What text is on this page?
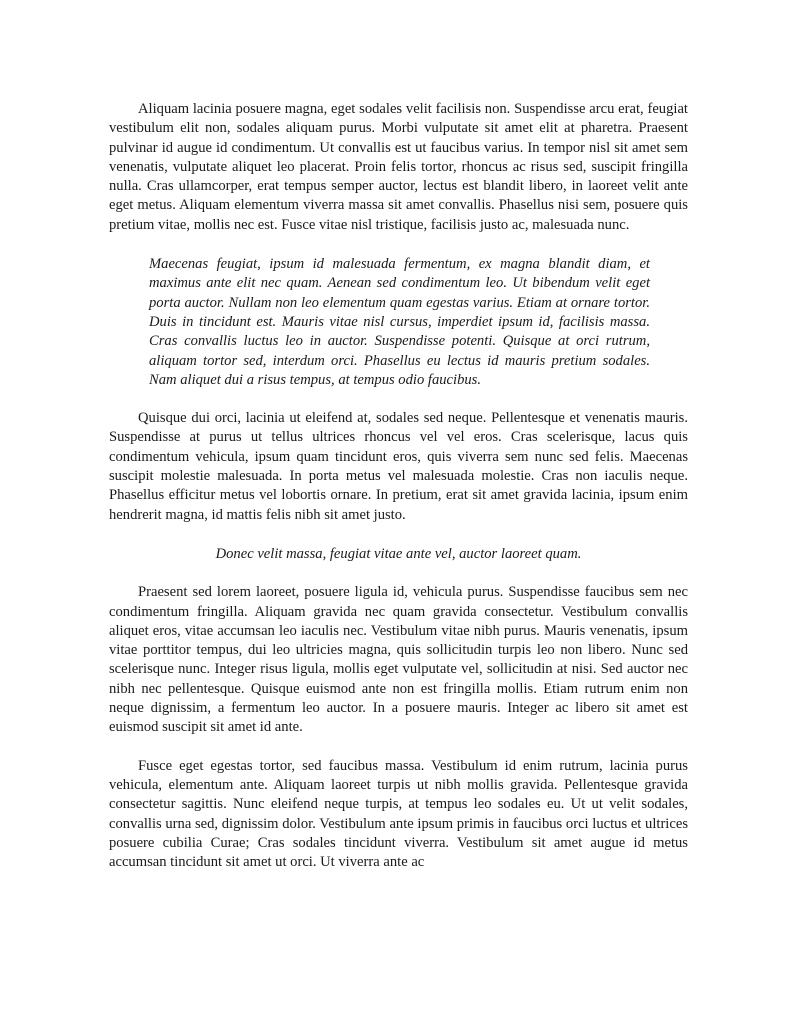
Aliquam lacinia posuere magna, eget sodales velit facilisis non. Suspendisse arcu erat, feugiat vestibulum elit non, sodales aliquam purus. Morbi vulputate sit amet elit at pharetra. Praesent pulvinar id augue id condimentum. Ut convallis est ut faucibus varius. In tempor nisl sit amet sem venenatis, vulputate aliquet leo placerat. Proin felis tortor, rhoncus ac risus sed, suscipit fringilla nulla. Cras ullamcorper, erat tempus semper auctor, lectus est blandit libero, in laoreet velit ante eget metus. Aliquam elementum viverra massa sit amet convallis. Phasellus nisi sem, posuere quis pretium vitae, mollis nec est. Fusce vitae nisl tristique, facilisis justo ac, malesuada nunc.

Maecenas feugiat, ipsum id malesuada fermentum, ex magna blandit diam, et maximus ante elit nec quam. Aenean sed condimentum leo. Ut bibendum velit eget porta auctor. Nullam non leo elementum quam egestas varius. Etiam at ornare tortor. Duis in tincidunt est. Mauris vitae nisl cursus, imperdiet ipsum id, facilisis massa. Cras convallis luctus leo in auctor. Suspendisse potenti. Quisque at orci rutrum, aliquam tortor sed, interdum orci. Phasellus eu lectus id mauris pretium sodales. Nam aliquet dui a risus tempus, at tempus odio faucibus.

Quisque dui orci, lacinia ut eleifend at, sodales sed neque. Pellentesque et venenatis mauris. Suspendisse at purus ut tellus ultrices rhoncus vel vel eros. Cras scelerisque, lacus quis condimentum vehicula, ipsum quam tincidunt eros, quis viverra sem nunc sed felis. Maecenas suscipit molestie malesuada. In porta metus vel malesuada molestie. Cras non iaculis neque. Phasellus efficitur metus vel lobortis ornare. In pretium, erat sit amet gravida lacinia, ipsum enim hendrerit magna, id mattis felis nibh sit amet justo.

Donec velit massa, feugiat vitae ante vel, auctor laoreet quam.

Praesent sed lorem laoreet, posuere ligula id, vehicula purus. Suspendisse faucibus sem nec condimentum fringilla. Aliquam gravida nec quam gravida consectetur. Vestibulum convallis aliquet eros, vitae accumsan leo iaculis nec. Vestibulum vitae nibh purus. Mauris venenatis, ipsum vitae porttitor tempus, dui leo ultricies magna, quis sollicitudin turpis leo non libero. Nunc sed scelerisque nunc. Integer risus ligula, mollis eget vulputate vel, sollicitudin at nisi. Sed auctor nec nibh nec pellentesque. Quisque euismod ante non est fringilla mollis. Etiam rutrum enim non neque dignissim, a fermentum leo auctor. In a posuere mauris. Integer ac libero sit amet est euismod suscipit sit amet id ante.

Fusce eget egestas tortor, sed faucibus massa. Vestibulum id enim rutrum, lacinia purus vehicula, elementum ante. Aliquam laoreet turpis ut nibh mollis gravida. Pellentesque gravida consectetur sagittis. Nunc eleifend neque turpis, at tempus leo sodales eu. Ut ut velit sodales, convallis urna sed, dignissim dolor. Vestibulum ante ipsum primis in faucibus orci luctus et ultrices posuere cubilia Curae; Cras sodales tincidunt viverra. Vestibulum sit amet augue id metus accumsan tincidunt sit amet ut orci. Ut viverra ante ac
